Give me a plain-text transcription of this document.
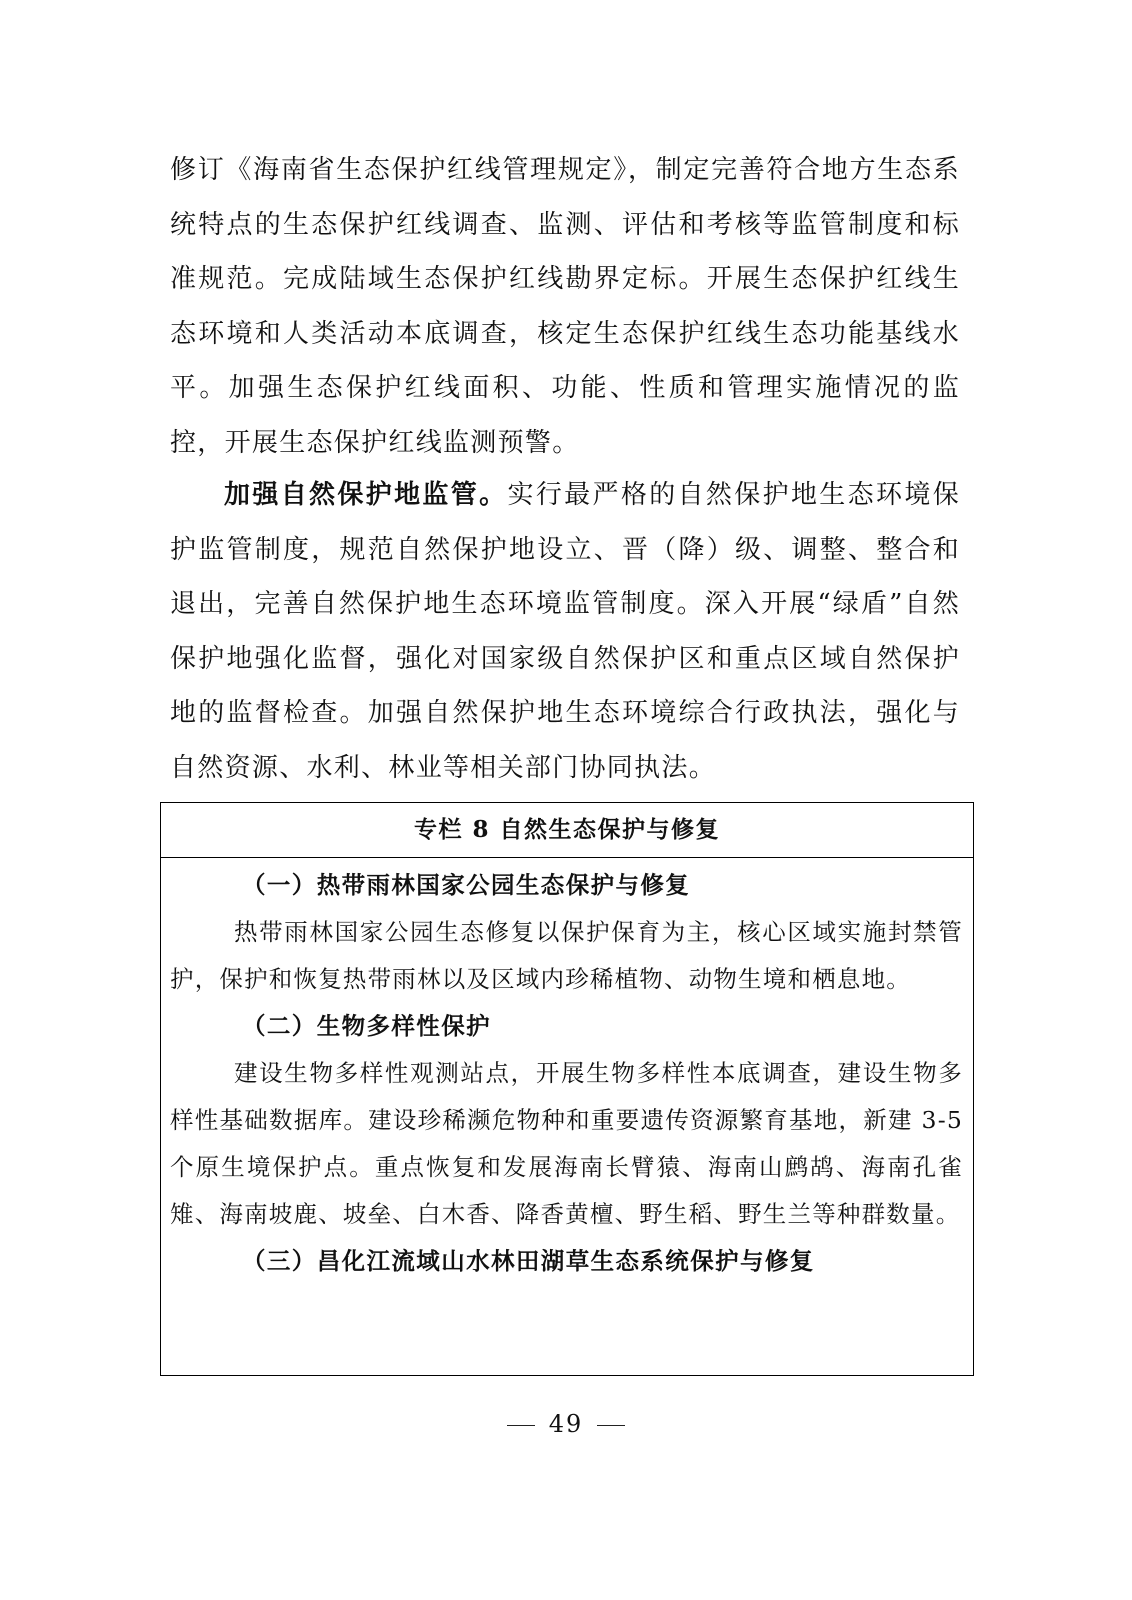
修订《海南省生态保护红线管理规定》，制定完善符合地方生态系统特点的生态保护红线调查、监测、评估和考核等监管制度和标准规范。完成陆域生态保护红线勘界定标。开展生态保护红线生态环境和人类活动本底调查，核定生态保护红线生态功能基线水平。加强生态保护红线面积、功能、性质和管理实施情况的监控，开展生态保护红线监测预警。

加强自然保护地监管。实行最严格的自然保护地生态环境保护监管制度，规范自然保护地设立、晋（降）级、调整、整合和退出，完善自然保护地生态环境监管制度。深入开展“绿盾”自然保护地强化监督，强化对国家级自然保护区和重点区域自然保护地的监督检查。加强自然保护地生态环境综合行政执法，强化与自然资源、水利、林业等相关部门协同执法。

专栏 8 自然生态保护与修复

（一）热带雨林国家公园生态保护与修复

热带雨林国家公园生态修复以保护保育为主，核心区域实施封禁管护，保护和恢复热带雨林以及区域内珍稀植物、动物生境和栖息地。

（二）生物多样性保护

建设生物多样性观测站点，开展生物多样性本底调查，建设生物多样性基础数据库。建设珍稀濒危物种和重要遗传资源繁育基地，新建 3-5 个原生境保护点。重点恢复和发展海南长臂猿、海南山鹧鸪、海南孔雀雉、海南坡鹿、坡垒、白木香、降香黄檀、野生稻、野生兰等种群数量。

（三）昌化江流域山水林田湖草生态系统保护与修复

49
